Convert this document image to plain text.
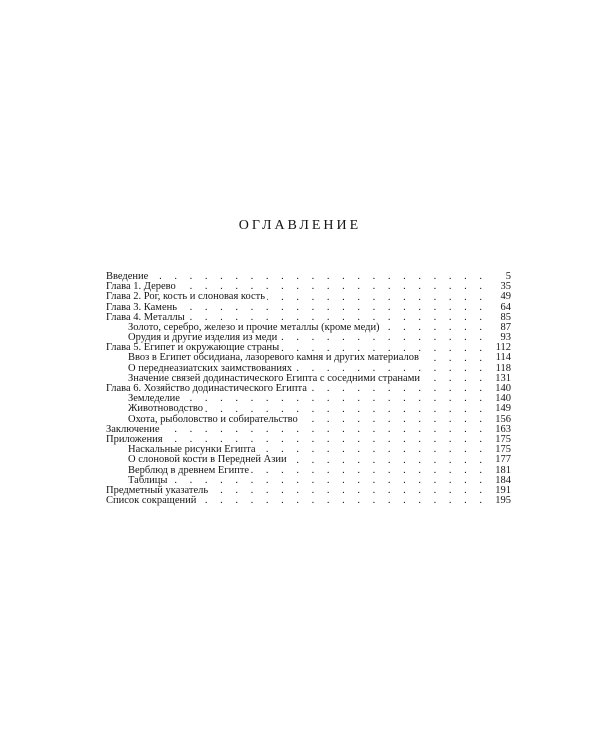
ОГЛАВЛЕНИЕ
Введение . . .	5
Глава 1. Дерево . . .	35
Глава 2. Рог, кость и слоновая кость . . .	49
Глава 3. Камень . . .	64
Глава 4. Металлы . . .	85
Золото, серебро, железо и прочие металлы (кроме меди) . . .	87
Орудия и другие изделия из меди . . .	93
Глава 5. Египет и окружающие страны . . .	112
Ввоз в Египет обсидиана, лазоревого камня и других материалов . . .	114
О переднеазиатских заимствованиях . . .	118
Значение связей додинастического Египта с соседними странами . . .	131
Глава 6. Хозяйство додинастического Египта . . .	140
Земледелие . . .	140
Животноводство . . .	149
Охота, рыболовство и собирательство . . .	156
Заключение . . .	163
Приложения . . .	175
Наскальные рисунки Египта . . .	175
О слоновой кости в Передней Азии . . .	177
Верблюд в древнем Египте . . .	181
Таблицы . . .	184
Предметный указатель . . .	191
Список сокращений . . .	195
